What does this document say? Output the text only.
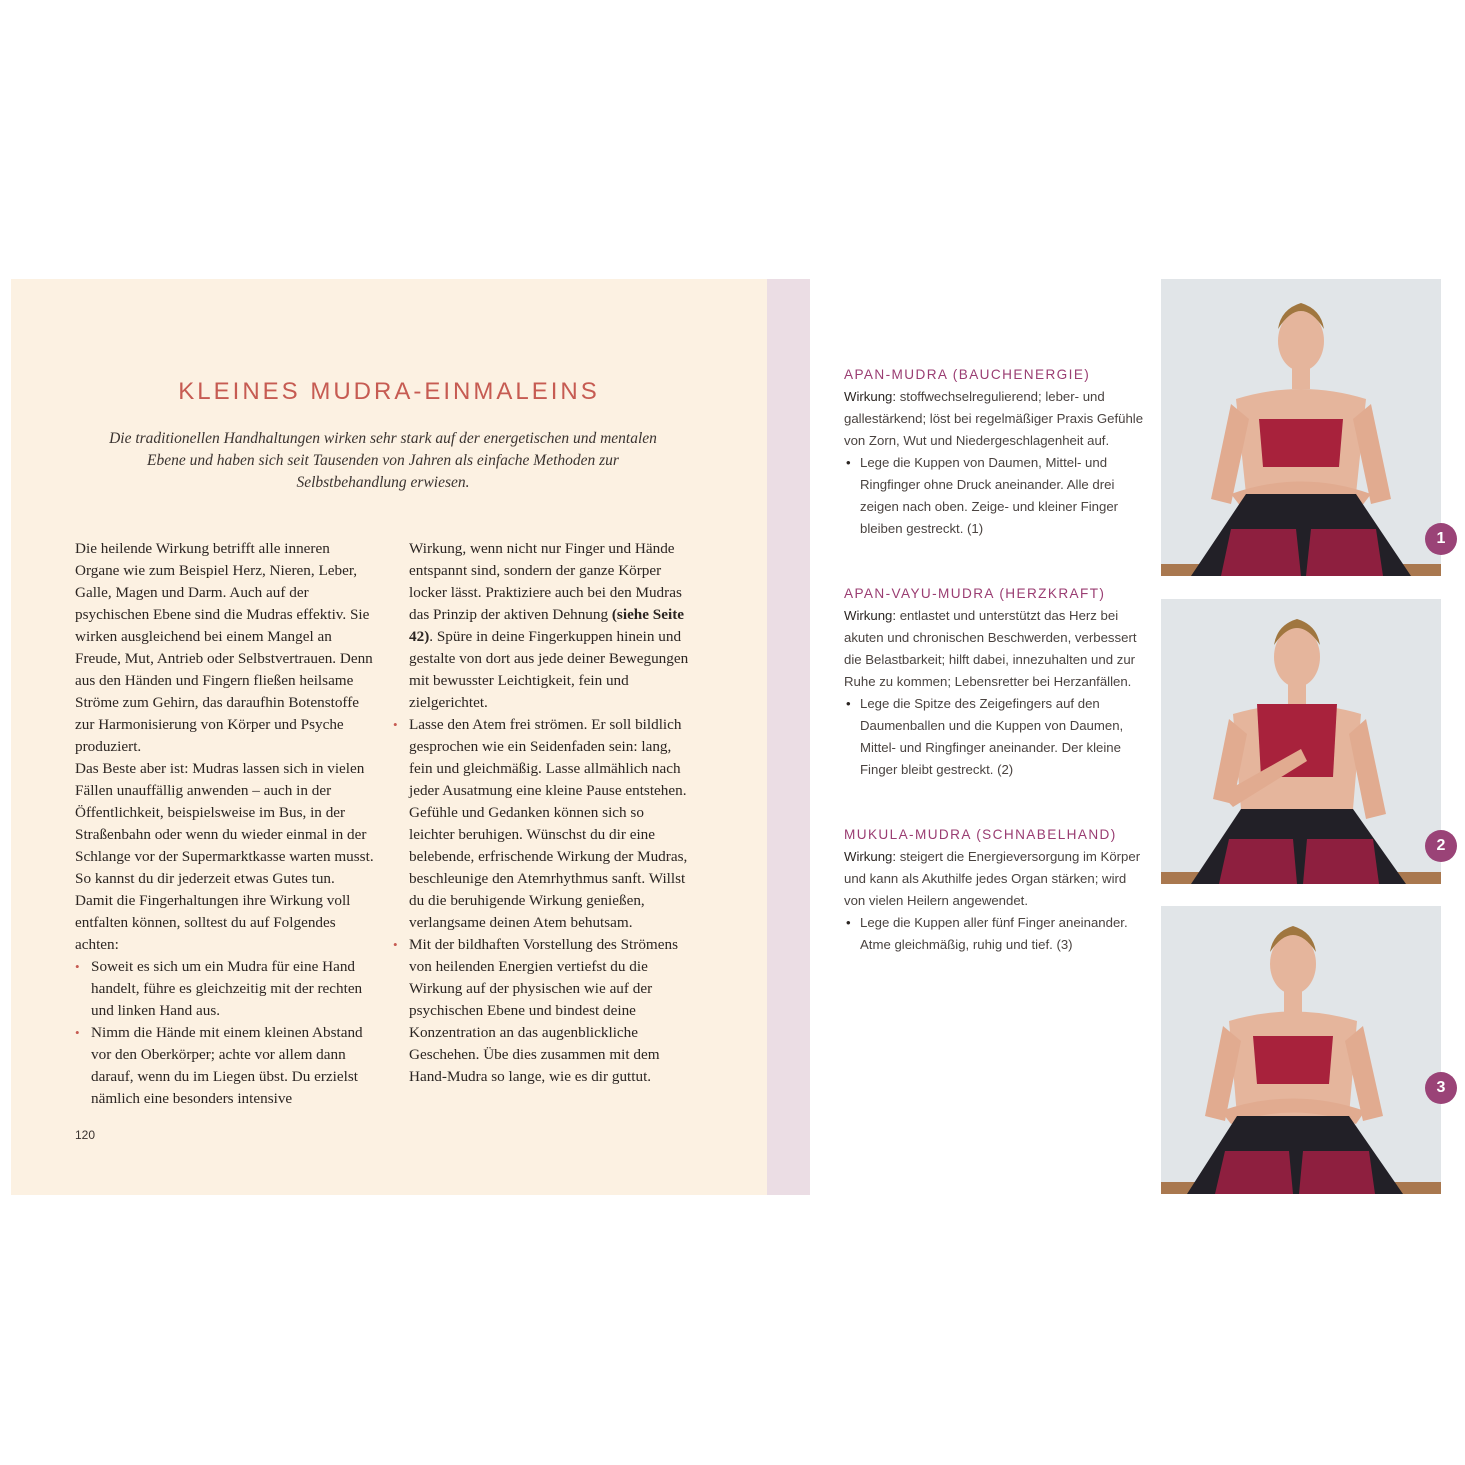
KLEINES MUDRA-EINMALEINS

Die traditionellen Handhaltungen wirken sehr stark auf der energetischen und mentalen Ebene und haben sich seit Tausenden von Jahren als einfache Methoden zur Selbstbehandlung erwiesen.

Die heilende Wirkung betrifft alle inneren Organe wie zum Beispiel Herz, Nieren, Leber, Galle, Magen und Darm. Auch auf der psychischen Ebene sind die Mudras effektiv. Sie wirken ausgleichend bei einem Mangel an Freude, Mut, Antrieb oder Selbstvertrauen. Denn aus den Händen und Fingern fließen heilsame Ströme zum Gehirn, das daraufhin Botenstoffe zur Harmonisierung von Körper und Psyche produziert.

Das Beste aber ist: Mudras lassen sich in vielen Fällen unauffällig anwenden – auch in der Öffentlichkeit, beispielsweise im Bus, in der Straßenbahn oder wenn du wieder einmal in der Schlange vor der Supermarktkasse warten musst. So kannst du dir jederzeit etwas Gutes tun. Damit die Fingerhaltungen ihre Wirkung voll entfalten können, solltest du auf Folgendes achten:

• Soweit es sich um ein Mudra für eine Hand handelt, führe es gleichzeitig mit der rechten und linken Hand aus.
• Nimm die Hände mit einem kleinen Abstand vor den Oberkörper; achte vor allem dann darauf, wenn du im Liegen übst. Du erzielst nämlich eine besonders intensive

Wirkung, wenn nicht nur Finger und Hände entspannt sind, sondern der ganze Körper locker lässt. Praktiziere auch bei den Mudras das Prinzip der aktiven Dehnung (siehe Seite 42). Spüre in deine Fingerkuppen hinein und gestalte von dort aus jede deiner Bewegungen mit bewusster Leichtigkeit, fein und zielgerichtet.

• Lasse den Atem frei strömen. Er soll bildlich gesprochen wie ein Seidenfaden sein: lang, fein und gleichmäßig. Lasse allmählich nach jeder Ausatmung eine kleine Pause entstehen. Gefühle und Gedanken können sich so leichter beruhigen. Wünschst du dir eine belebende, erfrischende Wirkung der Mudras, beschleunige den Atemrhythmus sanft. Willst du die beruhigende Wirkung genießen, verlangsame deinen Atem behutsam.
• Mit der bildhaften Vorstellung des Strömens von heilenden Energien vertiefst du die Wirkung auf der physischen wie auf der psychischen Ebene und bindest deine Konzentration an das augenblickliche Geschehen. Übe dies zusammen mit dem Hand-Mudra so lange, wie es dir guttut.
120
APAN-MUDRA (BAUCHENERGIE)

Wirkung: stoffwechselregulierend; leber- und gallestärkend; löst bei regelmäßiger Praxis Gefühle von Zorn, Wut und Niedergeschlagenheit auf.

• Lege die Kuppen von Daumen, Mittel- und Ringfinger ohne Druck aneinander. Alle drei zeigen nach oben. Zeige- und kleiner Finger bleiben gestreckt. (1)
APAN-VAYU-MUDRA (HERZKRAFT)

Wirkung: entlastet und unterstützt das Herz bei akuten und chronischen Beschwerden, verbessert die Belastbarkeit; hilft dabei, innezuhalten und zur Ruhe zu kommen; Lebensretter bei Herzanfällen.

• Lege die Spitze des Zeigefingers auf den Daumenballen und die Kuppen von Daumen, Mittel- und Ringfinger aneinander. Der kleine Finger bleibt gestreckt. (2)
MUKULA-MUDRA (SCHNABELHAND)

Wirkung: steigert die Energieversorgung im Körper und kann als Akuthilfe jedes Organ stärken; wird von vielen Heilern angewendet.

• Lege die Kuppen aller fünf Finger aneinander. Atme gleichmäßig, ruhig und tief. (3)
1
2
3
